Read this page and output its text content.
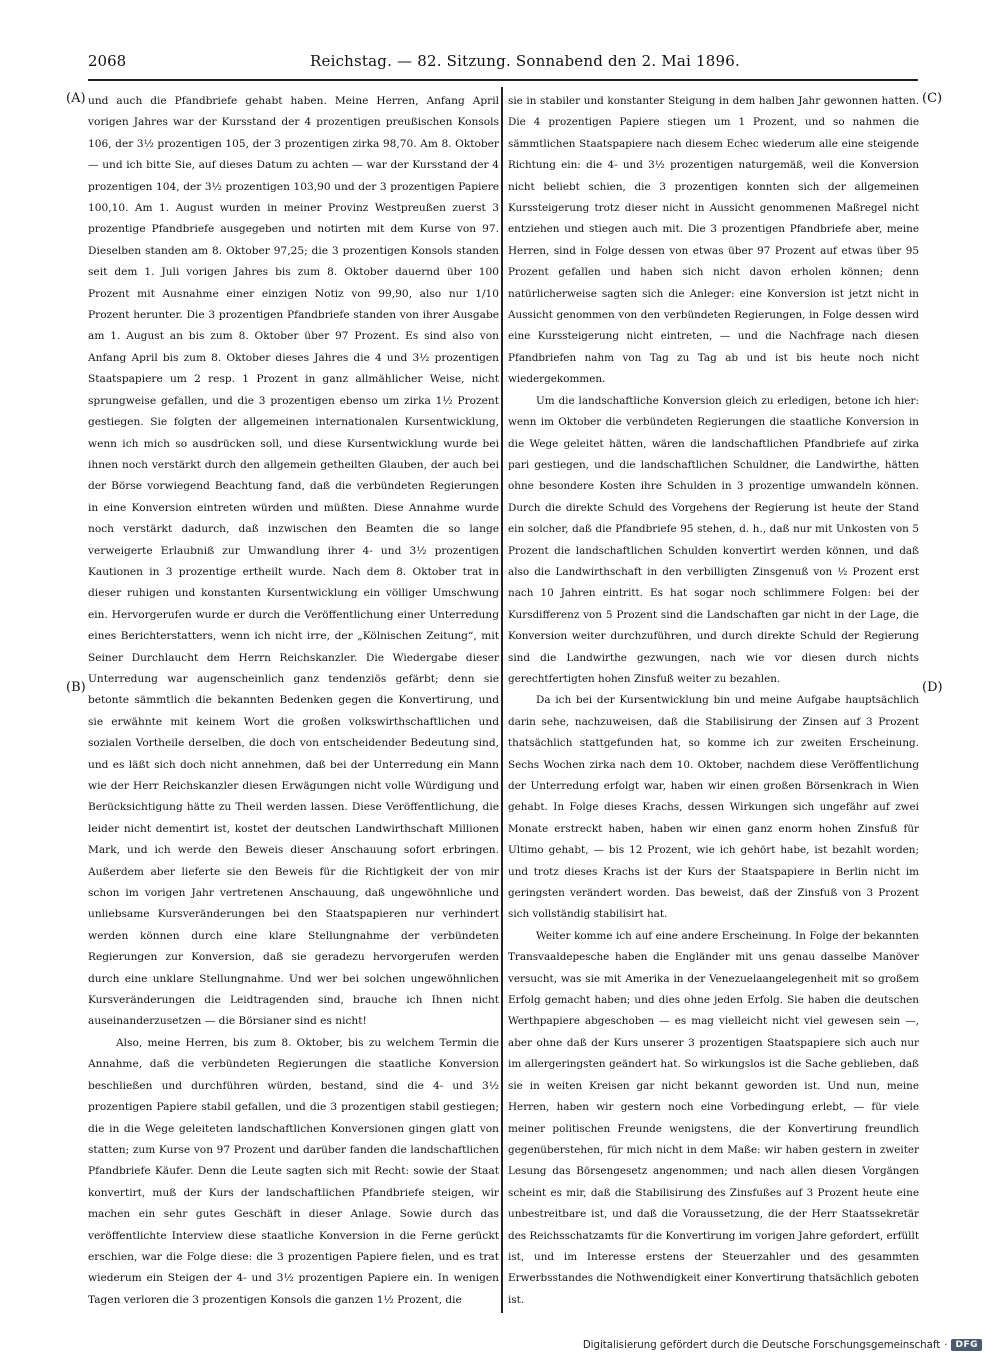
2068	Reichstag. — 82. Sitzung. Sonnabend den 2. Mai 1896.
(A)
(B)
(C)
(D)

und auch die Pfandbriefe gehabt haben. Meine Herren, Anfang April vorigen Jahres war der Kursstand der 4 prozentigen preußischen Konsols 106, der 3½ prozentigen 105, der 3 prozentigen zirka 98,70. Am 8. Oktober — und ich bitte Sie, auf dieses Datum zu achten — war der Kursstand der 4 prozentigen 104, der 3½ prozentigen 103,90 und der 3 prozentigen Papiere 100,10. Am 1. August wurden in meiner Provinz Westpreußen zuerst 3 prozentige Pfandbriefe ausgegeben und notirten mit dem Kurse von 97. Dieselben standen am 8. Oktober 97,25; die 3 prozentigen Konsols standen seit dem 1. Juli vorigen Jahres bis zum 8. Oktober dauernd über 100 Prozent mit Ausnahme einer einzigen Notiz von 99,90, also nur 1/10 Prozent herunter. Die 3 prozentigen Pfandbriefe standen von ihrer Ausgabe am 1. August an bis zum 8. Oktober über 97 Prozent. Es sind also von Anfang April bis zum 8. Oktober dieses Jahres die 4 und 3½ prozentigen Staatspapiere um 2 resp. 1 Prozent in ganz allmählicher Weise, nicht sprungweise gefallen, und die 3 prozentigen ebenso um zirka 1½ Prozent gestiegen. Sie folgten der allgemeinen internationalen Kursentwicklung, wenn ich mich so ausdrücken soll, und diese Kursentwicklung wurde bei ihnen noch verstärkt durch den allgemein getheilten Glauben, der auch bei der Börse vorwiegend Beachtung fand, daß die verbündeten Regierungen in eine Konversion eintreten würden und müßten. Diese Annahme wurde noch verstärkt dadurch, daß inzwischen den Beamten die so lange verweigerte Erlaubniß zur Umwandlung ihrer 4- und 3½ prozentigen Kautionen in 3 prozentige ertheilt wurde. Nach dem 8. Oktober trat in dieser ruhigen und konstanten Kursentwicklung ein völliger Umschwung ein. Hervorgerufen wurde er durch die Veröffentlichung einer Unterredung eines Berichterstatters, wenn ich nicht irre, der „Kölnischen Zeitung“, mit Seiner Durchlaucht dem Herrn Reichskanzler. Die Wiedergabe dieser Unterredung war augenscheinlich ganz tendenziös gefärbt; denn sie betonte sämmtlich die bekannten Bedenken gegen die Konvertirung, und sie erwähnte mit keinem Wort die großen volkswirthschaftlichen und sozialen Vortheile derselben, die doch von entscheidender Bedeutung sind, und es läßt sich doch nicht annehmen, daß bei der Unterredung ein Mann wie der Herr Reichskanzler diesen Erwägungen nicht volle Würdigung und Berücksichtigung hätte zu Theil werden lassen. Diese Veröffentlichung, die leider nicht dementirt ist, kostet der deutschen Landwirthschaft Millionen Mark, und ich werde den Beweis dieser Anschauung sofort erbringen. Außerdem aber lieferte sie den Beweis für die Richtigkeit der von mir schon im vorigen Jahr vertretenen Anschauung, daß ungewöhnliche und unliebsame Kursveränderungen bei den Staatspapieren nur verhindert werden können durch eine klare Stellungnahme der verbündeten Regierungen zur Konversion, daß sie geradezu hervorgerufen werden durch eine unklare Stellungnahme. Und wer bei solchen ungewöhnlichen Kursveränderungen die Leidtragenden sind, brauche ich Ihnen nicht auseinanderzusetzen — die Börsianer sind es nicht!

Also, meine Herren, bis zum 8. Oktober, bis zu welchem Termin die Annahme, daß die verbündeten Regierungen die staatliche Konversion beschließen und durchführen würden, bestand, sind die 4- und 3½ prozentigen Papiere stabil gefallen, und die 3 prozentigen stabil gestiegen; die in die Wege geleiteten landschaftlichen Konversionen gingen glatt von statten; zum Kurse von 97 Prozent und darüber fanden die landschaftlichen Pfandbriefe Käufer. Denn die Leute sagten sich mit Recht: sowie der Staat konvertirt, muß der Kurs der landschaftlichen Pfandbriefe steigen, wir machen ein sehr gutes Geschäft in dieser Anlage. Sowie durch das veröffentlichte Interview diese staatliche Konversion in die Ferne gerückt erschien, war die Folge diese: die 3 prozentigen Papiere fielen, und es trat wiederum ein Steigen der 4- und 3½ prozentigen Papiere ein. In wenigen Tagen verloren die 3 prozentigen Konsols die ganzen 1½ Prozent, die

sie in stabiler und konstanter Steigung in dem halben Jahr gewonnen hatten. Die 4 prozentigen Papiere stiegen um 1 Prozent, und so nahmen die sämmtlichen Staatspapiere nach diesem Echec wiederum alle eine steigende Richtung ein: die 4- und 3½ prozentigen naturgemäß, weil die Konversion nicht beliebt schien, die 3 prozentigen konnten sich der allgemeinen Kurssteigerung trotz dieser nicht in Aussicht genommenen Maßregel nicht entziehen und stiegen auch mit. Die 3 prozentigen Pfandbriefe aber, meine Herren, sind in Folge dessen von etwas über 97 Prozent auf etwas über 95 Prozent gefallen und haben sich nicht davon erholen können; denn natürlicherweise sagten sich die Anleger: eine Konversion ist jetzt nicht in Aussicht genommen von den verbündeten Regierungen, in Folge dessen wird eine Kurssteigerung nicht eintreten, — und die Nachfrage nach diesen Pfandbriefen nahm von Tag zu Tag ab und ist bis heute noch nicht wiedergekommen.

Um die landschaftliche Konversion gleich zu erledigen, betone ich hier: wenn im Oktober die verbündeten Regierungen die staatliche Konversion in die Wege geleitet hätten, wären die landschaftlichen Pfandbriefe auf zirka pari gestiegen, und die landschaftlichen Schuldner, die Landwirthe, hätten ohne besondere Kosten ihre Schulden in 3 prozentige umwandeln können. Durch die direkte Schuld des Vorgehens der Regierung ist heute der Stand ein solcher, daß die Pfandbriefe 95 stehen, d. h., daß nur mit Unkosten von 5 Prozent die landschaftlichen Schulden konvertirt werden können, und daß also die Landwirthschaft in den verbilligten Zinsgenuß von ½ Prozent erst nach 10 Jahren eintritt. Es hat sogar noch schlimmere Folgen: bei der Kursdifferenz von 5 Prozent sind die Landschaften gar nicht in der Lage, die Konversion weiter durchzuführen, und durch direkte Schuld der Regierung sind die Landwirthe gezwungen, nach wie vor diesen durch nichts gerechtfertigten hohen Zinsfuß weiter zu bezahlen.

Da ich bei der Kursentwicklung bin und meine Aufgabe hauptsächlich darin sehe, nachzuweisen, daß die Stabilisirung der Zinsen auf 3 Prozent thatsächlich stattgefunden hat, so komme ich zur zweiten Erscheinung. Sechs Wochen zirka nach dem 10. Oktober, nachdem diese Veröffentlichung der Unterredung erfolgt war, haben wir einen großen Börsenkrach in Wien gehabt. In Folge dieses Krachs, dessen Wirkungen sich ungefähr auf zwei Monate erstreckt haben, haben wir einen ganz enorm hohen Zinsfuß für Ultimo gehabt, — bis 12 Prozent, wie ich gehört habe, ist bezahlt worden; und trotz dieses Krachs ist der Kurs der Staatspapiere in Berlin nicht im geringsten verändert worden. Das beweist, daß der Zinsfuß von 3 Prozent sich vollständig stabilisirt hat.

Weiter komme ich auf eine andere Erscheinung. In Folge der bekannten Transvaaldepesche haben die Engländer mit uns genau dasselbe Manöver versucht, was sie mit Amerika in der Venezuelaangelegenheit mit so großem Erfolg gemacht haben; und dies ohne jeden Erfolg. Sie haben die deutschen Werthpapiere abgeschoben — es mag vielleicht nicht viel gewesen sein —, aber ohne daß der Kurs unserer 3 prozentigen Staatspapiere sich auch nur im allergeringsten geändert hat. So wirkungslos ist die Sache geblieben, daß sie in weiten Kreisen gar nicht bekannt geworden ist. Und nun, meine Herren, haben wir gestern noch eine Vorbedingung erlebt, — für viele meiner politischen Freunde wenigstens, die der Konvertirung freundlich gegenüberstehen, für mich nicht in dem Maße: wir haben gestern in zweiter Lesung das Börsengesetz angenommen; und nach allen diesen Vorgängen scheint es mir, daß die Stabilisirung des Zinsfußes auf 3 Prozent heute eine unbestreitbare ist, und daß die Voraussetzung, die der Herr Staatssekretär des Reichsschatzamts für die Konvertirung im vorigen Jahre gefordert, erfüllt ist, und im Interesse erstens der Steuerzahler und des gesammten Erwerbsstandes die Nothwendigkeit einer Konvertirung thatsächlich geboten ist.

Digitalisierung gefördert durch die Deutsche Forschungsgemeinschaft · DFG
